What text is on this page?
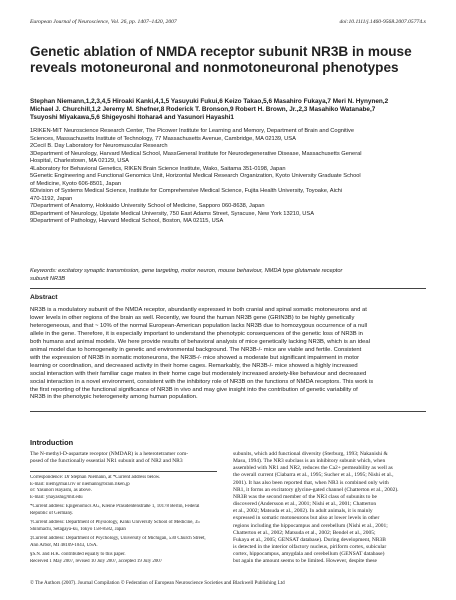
European Journal of Neuroscience, Vol. 26, pp. 1407–1420, 2007	doi:10.1111/j.1460-9568.2007.05774.x
Genetic ablation of NMDA receptor subunit NR3B in mouse
reveals motoneuronal and nonmotoneuronal phenotypes
Stephan Niemann,1,2,3,4,5 Hiroaki Kanki,4,1,5 Yasuyuki Fukui,6 Keizo Takao,5,6 Masahiro Fukaya,7 Meri N. Hynynen,2
Michael J. Churchill,1,2 Jeremy M. Shefner,8 Roderick T. Bronson,9 Robert H. Brown, Jr.,2,3 Masahiko Watanabe,7
Tsuyoshi Miyakawa,5,6 Shigeyoshi Itohara4 and Yasunori Hayashi1
1RIKEN-MIT Neuroscience Research Center, The Picower Institute for Learning and Memory, Department of Brain and Cognitive
Sciences, Massachusetts Institute of Technology, 77 Massachusetts Avenue, Cambridge, MA 02139, USA
2Cecil B. Day Laboratory for Neuromuscular Research
3Department of Neurology, Harvard Medical School, MassGeneral Institute for Neurodegenerative Disease, Massachusetts General
Hospital, Charlestown, MA 02129, USA
4Laboratory for Behavioral Genetics, RIKEN Brain Science Institute, Wako, Saitama 351-0198, Japan
5Genetic Engineering and Functional Genomics Unit, Horizontal Medical Research Organization, Kyoto University Graduate School
of Medicine, Kyoto 606-8501, Japan
6Division of Systems Medical Science, Institute for Comprehensive Medical Science, Fujita Health University, Toyoake, Aichi
470-1192, Japan
7Department of Anatomy, Hokkaido University School of Medicine, Sapporo 060-8638, Japan
8Department of Neurology, Upstate Medical University, 750 East Adams Street, Syracuse, New York 13210, USA
9Department of Pathology, Harvard Medical School, Boston, MA 02115, USA
Keywords: excitatory synaptic transmission, gene targeting, motor neuron, mouse behaviour, NMDA type glutamate receptor
subunit NR3B
Abstract
NR3B is a modulatory subunit of the NMDA receptor, abundantly expressed in both cranial and spinal somatic motoneurons and at
lower levels in other regions of the brain as well. Recently, we found the human NR3B gene (GRIN3B) to be highly genetically
heterogeneous, and that ~ 10% of the normal European-American population lacks NR3B due to homozygous occurrence of a null
allele in the gene. Therefore, it is especially important to understand the phenotypic consequences of the genetic loss of NR3B in
both humans and animal models. We here provide results of behavioral analysis of mice genetically lacking NR3B, which is an ideal
animal model due to homogeneity in genetic and environmental background. The NR3B-/- mice are viable and fertile. Consistent
with the expression of NR3B in somatic motoneurons, the NR3B-/- mice showed a moderate but significant impairment in motor
learning or coordination, and decreased activity in their home cages. Remarkably, the NR3B-/- mice showed a highly increased
social interaction with their familiar cage mates in their home cage but moderately increased anxiety-like behaviour and decreased
social interaction in a novel environment, consistent with the inhibitory role of NR3B on the functions of NMDA receptors. This work is
the first reporting of the functional significance of NR3B in vivo and may give insight into the contribution of genetic variability of
NR3B in the phenotypic heterogeneity among human population.
Introduction
The N-methyl-D-aspartate receptor (NMDAR) is a heterotetramer com-
posed of the functionally essential NR1 subunit and of NR2 and NR3
Correspondence: Dr Stephan Niemann, at *Current address below.
E-mail: niem@mail.riv or niemann@brain.riken.jp
or: Yasunori Hayashi, as above.
E-mail: yhayashi@mit.edu
*Current address: Epigenomics AG, Kleine Präsidentenstraße 1, 10178 Berlin, Federal
Republic of Germany.
†Current address: Department of Physiology, Kinki University School of Medicine, 35
Shinmachi, Setagaya-ku, Tokyo 158-8582, Japan
‡Current address: Department of Psychology, University of Michigan, 530 Church Street,
Ann Arbor, MI 48109-1043, USA.
§S.N. and H.K. contributed equally to this paper.
Received 1 May 2007, revised 10 July 2007, accepted 19 July 2007
subunits, which add functional diversity (Sterburg, 1993; Nakanishi &
Masu, 1994). The NR3 subclass is an inhibitory subunit which, when
assembled with NR1 and NR2, reduces the Ca2+ permeability as well as
the overall current (Ciabarra et al., 1995; Sucher et al., 1995; Nishi et al.,
2001). It has also been reported that, when NR3 is combined only with
NR1, it forms an excitatory glycine-gated channel (Chatterton et al., 2002).
NR3B was the second member of the NR3 class of subunits to be
discovered (Andersson et al., 2001; Nishi et al., 2001; Chatterton
et al., 2002; Matsuda et al., 2002). In adult animals, it is mainly
expressed in somatic motoneurons but also at lower levels in other
regions including the hippocampus and cerebellum (Nishi et al., 2001;
Chatterton et al., 2002; Matsuda et al., 2002; Bendel et al., 2005;
Fukaya et al., 2005; GENSAT database). During development, NR3B
is detected in the interior olfactory nucleus, piriform cortex, subicular
cortex, hippocampus, amygdala and cerebellum (GENSAT database)
but again the amount seems to be limited. However, despite these
© The Authors (2007). Journal Compilation © Federation of European Neuroscience Societies and Blackwell Publishing Ltd
